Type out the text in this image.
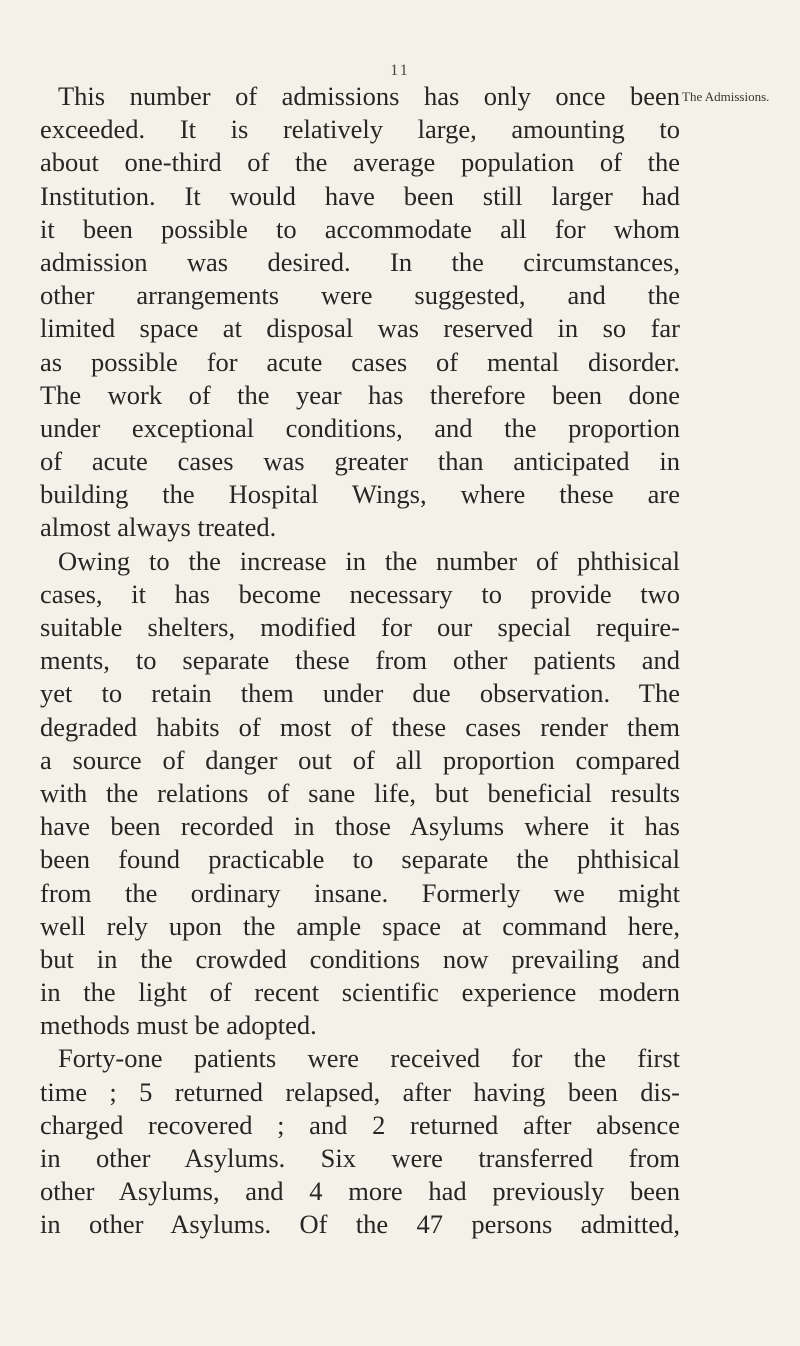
11
The Admissions.
This number of admissions has only once been
exceeded. It is relatively large, amounting to
about one-third of the average population of the
Institution. It would have been still larger had
it been possible to accommodate all for whom
admission was desired. In the circumstances,
other arrangements were suggested, and the
limited space at disposal was reserved in so far
as possible for acute cases of mental disorder.
The work of the year has therefore been done
under exceptional conditions, and the proportion
of acute cases was greater than anticipated in
building the Hospital Wings, where these are
almost always treated.
Owing to the increase in the number of phthisical
cases, it has become necessary to provide two
suitable shelters, modified for our special require-
ments, to separate these from other patients and
yet to retain them under due observation. The
degraded habits of most of these cases render them
a source of danger out of all proportion compared
with the relations of sane life, but beneficial results
have been recorded in those Asylums where it has
been found practicable to separate the phthisical
from the ordinary insane. Formerly we might
well rely upon the ample space at command here,
but in the crowded conditions now prevailing and
in the light of recent scientific experience modern
methods must be adopted.
Forty-one patients were received for the first
time ; 5 returned relapsed, after having been dis-
charged recovered ; and 2 returned after absence
in other Asylums. Six were transferred from
other Asylums, and 4 more had previously been
in other Asylums. Of the 47 persons admitted,
